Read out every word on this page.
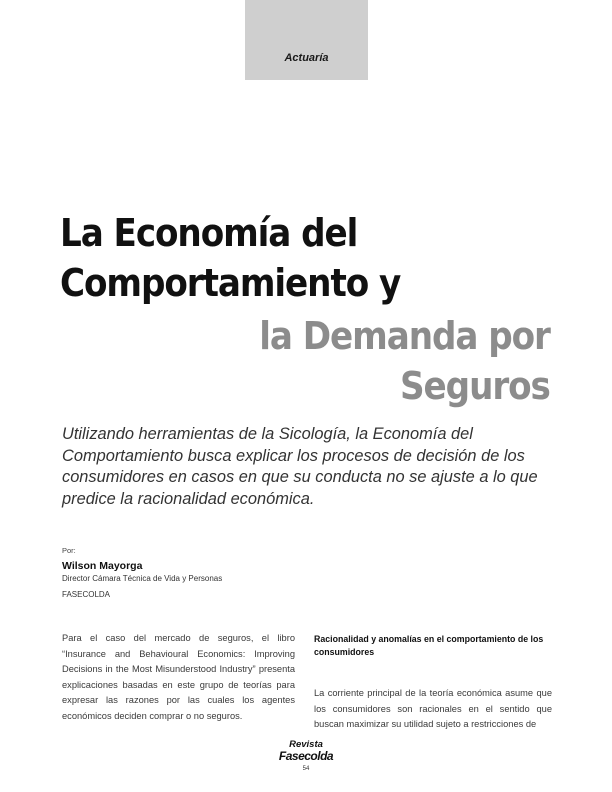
Actuaría
La Economía del
Comportamiento y
la Demanda por
Seguros
Utilizando herramientas de la Sicología, la Economía del Comportamiento busca explicar los procesos de decisión de los consumidores en casos en que su conducta no se ajuste a lo que predice la racionalidad económica.
Por:
Wilson Mayorga
Director Cámara Técnica de Vida y Personas
FASECOLDA

Para el caso del mercado de seguros, el libro “Insurance and Behavioural Economics: Improving Decisions in the Most Misunderstood Industry” presenta explicaciones basadas en este grupo de teorías para expresar las razones por las cuales los agentes económicos deciden comprar o no seguros.

Racionalidad y anomalías en el comportamiento de los consumidores

La corriente principal de la teoría económica asume que los consumidores son racionales en el sentido que buscan maximizar su utilidad sujeto a restricciones de

Revista
Fasecolda
54
